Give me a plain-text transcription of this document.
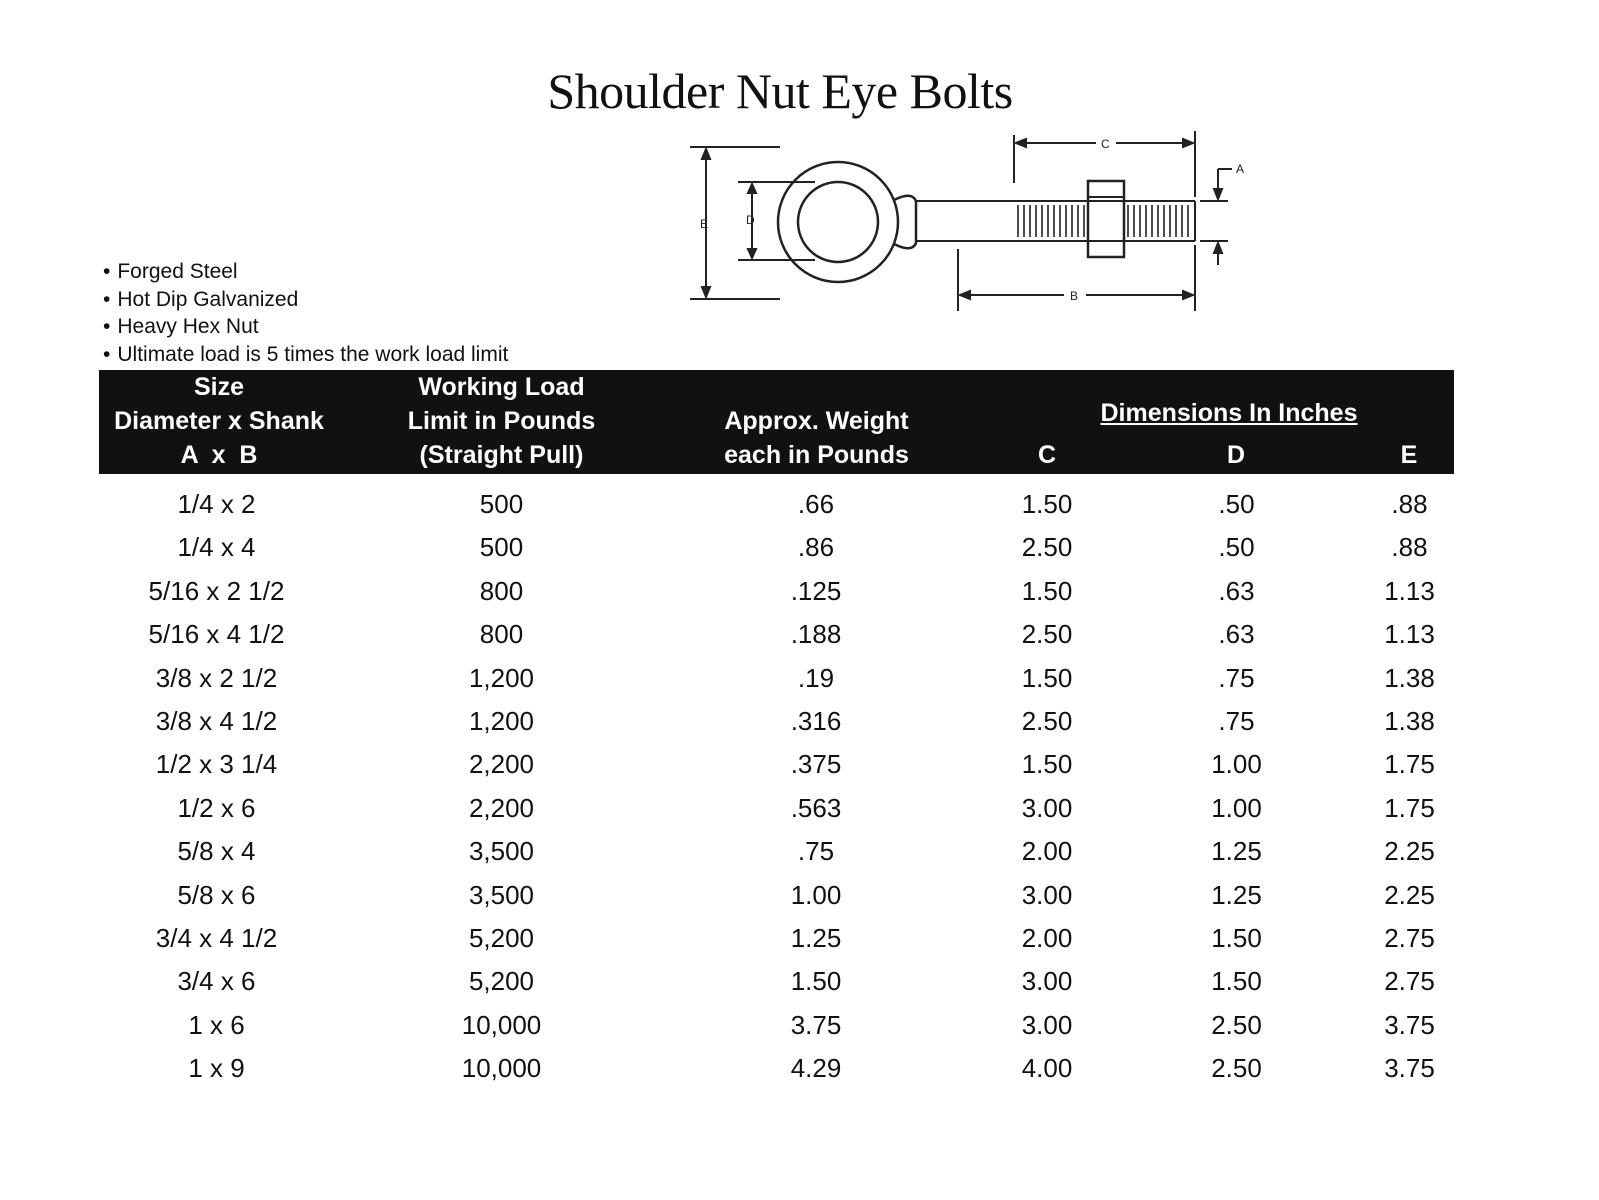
Shoulder Nut Eye Bolts
E	D
C
B
A
• Forged Steel
• Hot Dip Galvanized
• Heavy Hex Nut
• Ultimate load is 5 times the work load limit
Size
Diameter x Shank
A  x  B
Working Load
Limit in Pounds
(Straight Pull)
Approx. Weight
each in Pounds
Dimensions In Inches
C	D	E
1/4 x 2	500	.66	1.50	.50	.88
1/4 x 4	500	.86	2.50	.50	.88
5/16 x 2 1/2	800	.125	1.50	.63	1.13
5/16 x 4 1/2	800	.188	2.50	.63	1.13
3/8 x 2 1/2	1,200	.19	1.50	.75	1.38
3/8 x 4 1/2	1,200	.316	2.50	.75	1.38
1/2 x 3 1/4	2,200	.375	1.50	1.00	1.75
1/2 x 6	2,200	.563	3.00	1.00	1.75
5/8 x 4	3,500	.75	2.00	1.25	2.25
5/8 x 6	3,500	1.00	3.00	1.25	2.25
3/4 x 4 1/2	5,200	1.25	2.00	1.50	2.75
3/4 x 6	5,200	1.50	3.00	1.50	2.75
1 x 6	10,000	3.75	3.00	2.50	3.75
1 x 9	10,000	4.29	4.00	2.50	3.75
